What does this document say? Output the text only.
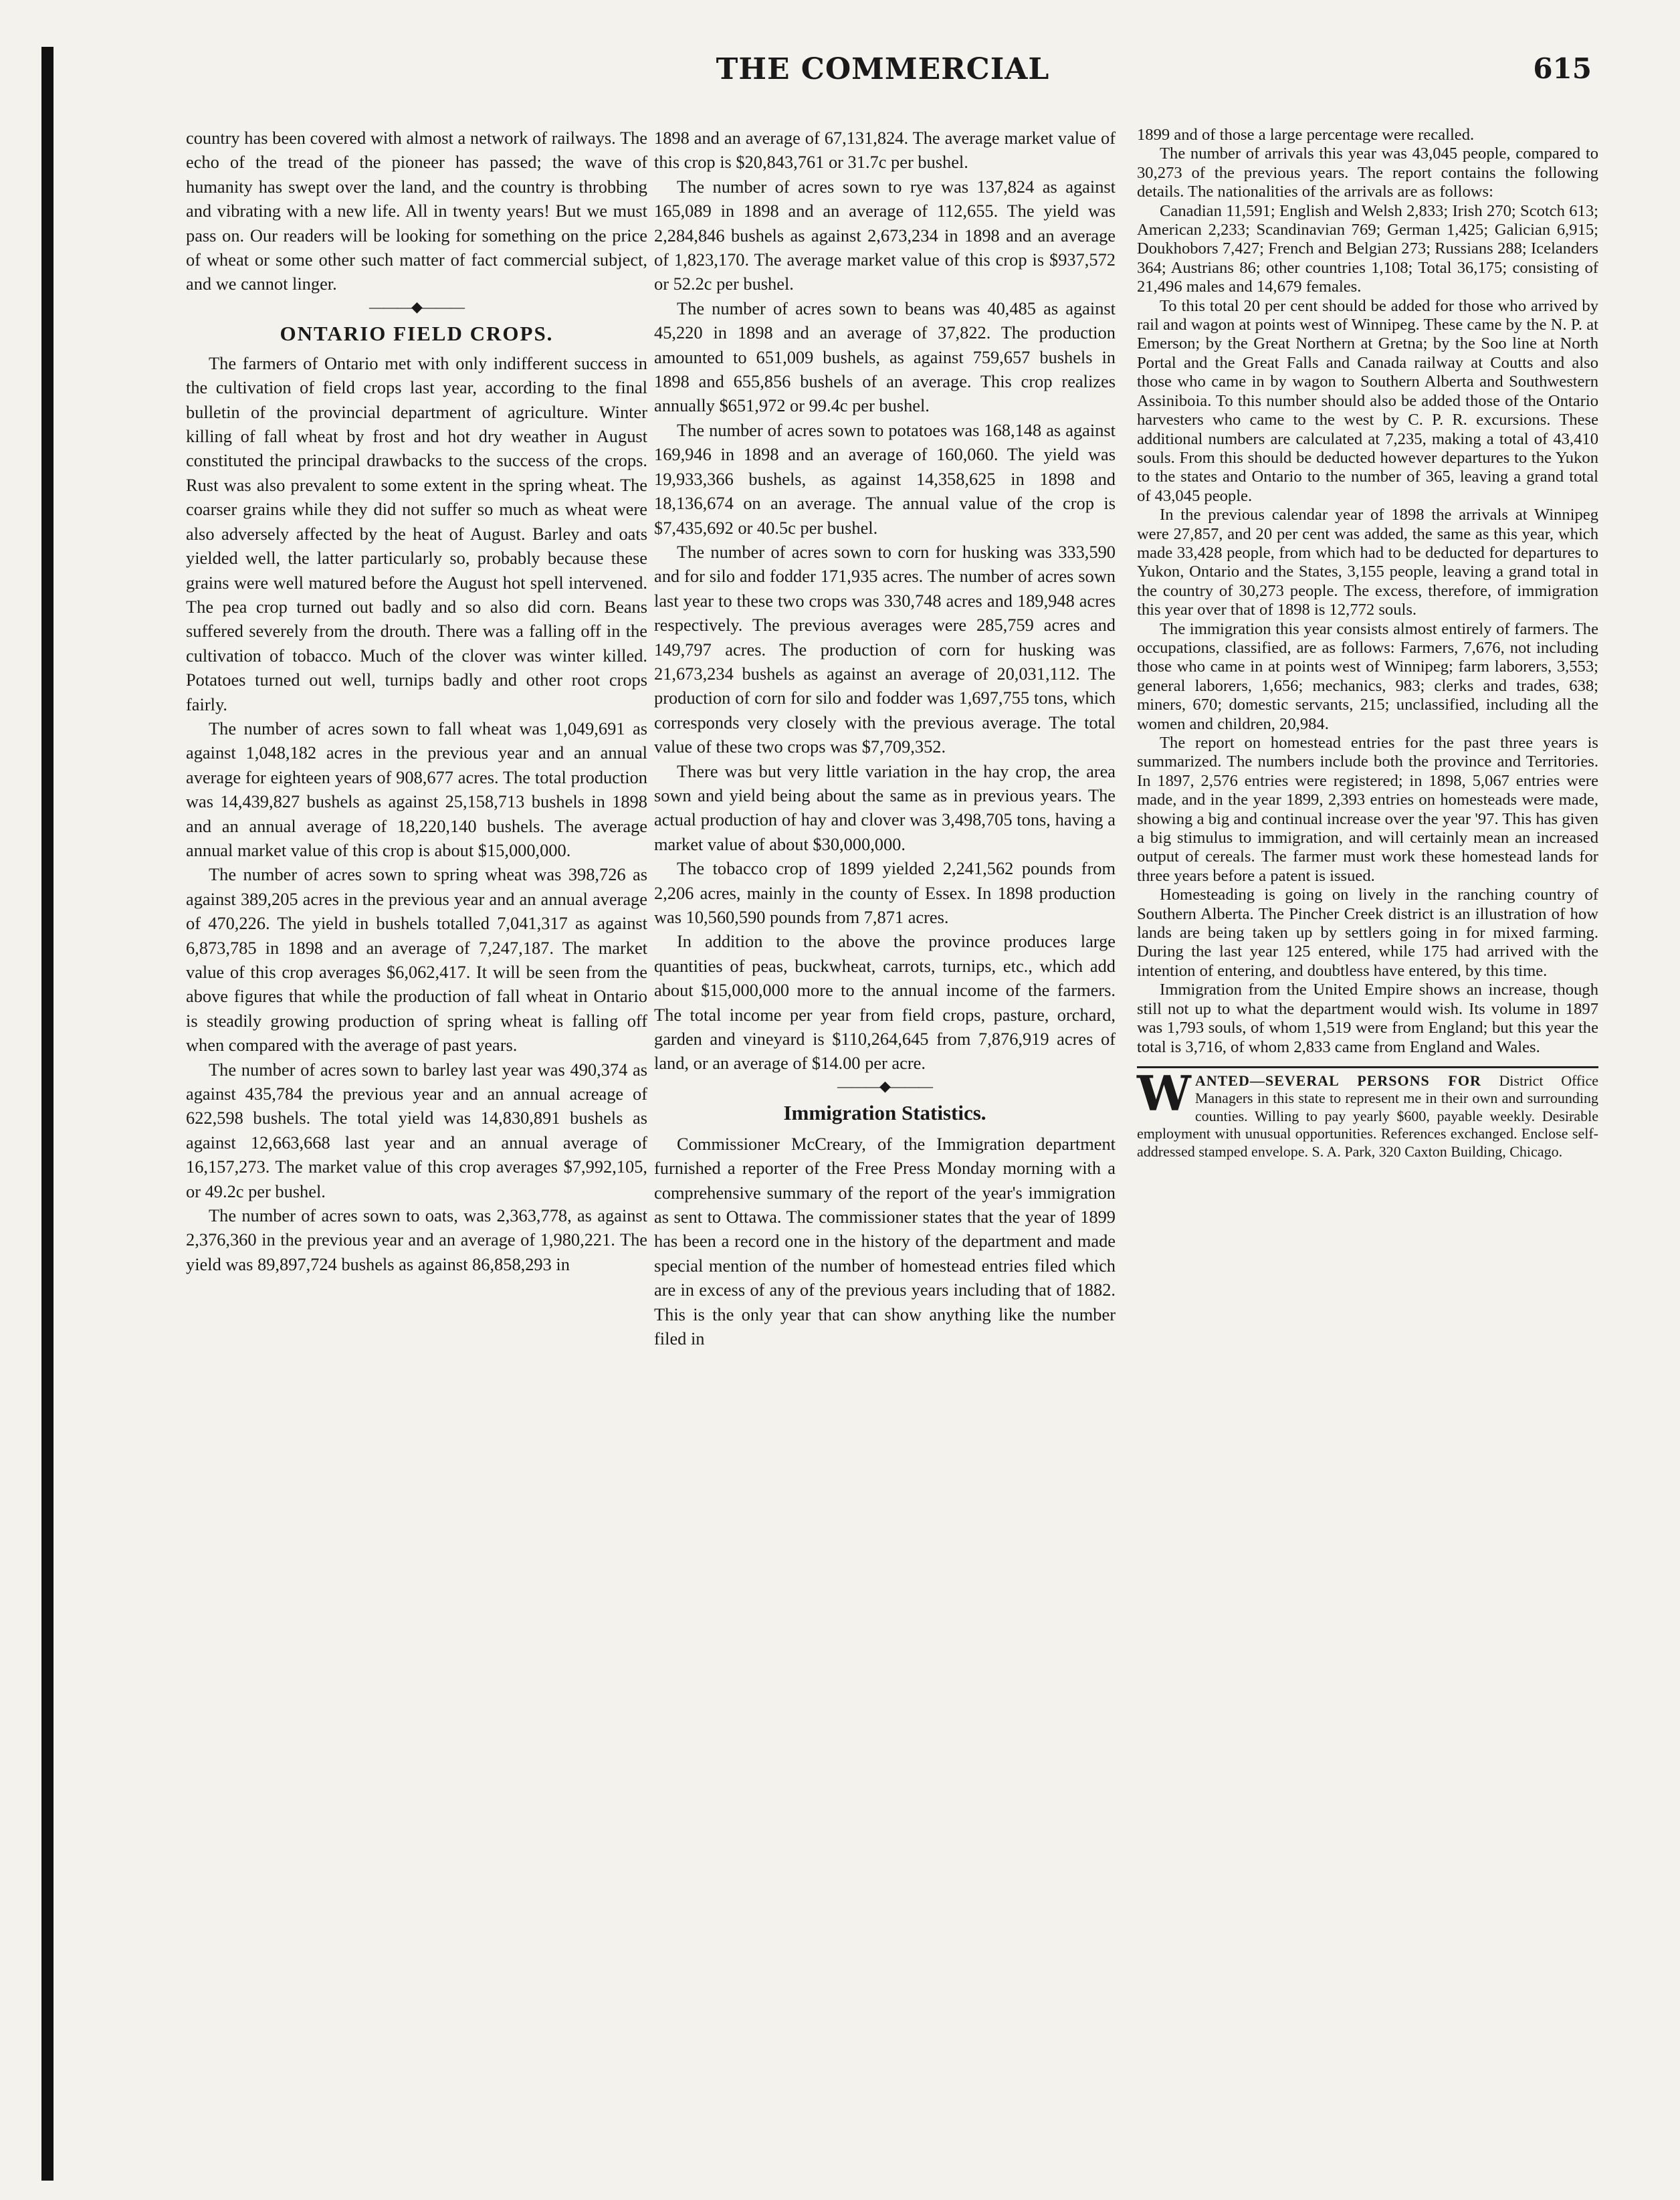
THE COMMERCIAL	615

country has been covered with almost a network of railways. The echo of the tread of the pioneer has passed; the wave of humanity has swept over the land, and the country is throbbing and vibrating with a new life. All in twenty years! But we must pass on. Our readers will be looking for something on the price of wheat or some other such matter of fact commercial subject, and we cannot linger.

———◆———
ONTARIO FIELD CROPS.

The farmers of Ontario met with only indifferent success in the cultivation of field crops last year, according to the final bulletin of the provincial department of agriculture. Winter killing of fall wheat by frost and hot dry weather in August constituted the principal drawbacks to the success of the crops. Rust was also prevalent to some extent in the spring wheat. The coarser grains while they did not suffer so much as wheat were also adversely affected by the heat of August. Barley and oats yielded well, the latter particularly so, probably because these grains were well matured before the August hot spell intervened. The pea crop turned out badly and so also did corn. Beans suffered severely from the drouth. There was a falling off in the cultivation of tobacco. Much of the clover was winter killed. Potatoes turned out well, turnips badly and other root crops fairly.

The number of acres sown to fall wheat was 1,049,691 as against 1,048,182 acres in the previous year and an annual average for eighteen years of 908,677 acres. The total production was 14,439,827 bushels as against 25,158,713 bushels in 1898 and an annual average of 18,220,140 bushels. The average annual market value of this crop is about $15,000,000.

The number of acres sown to spring wheat was 398,726 as against 389,205 acres in the previous year and an annual average of 470,226. The yield in bushels totalled 7,041,317 as against 6,873,785 in 1898 and an average of 7,247,187. The market value of this crop averages $6,062,417. It will be seen from the above figures that while the production of fall wheat in Ontario is steadily growing production of spring wheat is falling off when compared with the average of past years.

The number of acres sown to barley last year was 490,374 as against 435,784 the previous year and an annual acreage of 622,598 bushels. The total yield was 14,830,891 bushels as against 12,663,668 last year and an annual average of 16,157,273. The market value of this crop averages $7,992,105, or 49.2c per bushel.

The number of acres sown to oats, was 2,363,778, as against 2,376,360 in the previous year and an average of 1,980,221. The yield was 89,897,724 bushels as against 86,858,293 in

1898 and an average of 67,131,824. The average market value of this crop is $20,843,761 or 31.7c per bushel.

The number of acres sown to rye was 137,824 as against 165,089 in 1898 and an average of 112,655. The yield was 2,284,846 bushels as against 2,673,234 in 1898 and an average of 1,823,170. The average market value of this crop is $937,572 or 52.2c per bushel.

The number of acres sown to beans was 40,485 as against 45,220 in 1898 and an average of 37,822. The production amounted to 651,009 bushels, as against 759,657 bushels in 1898 and 655,856 bushels of an average. This crop realizes annually $651,972 or 99.4c per bushel.

The number of acres sown to potatoes was 168,148 as against 169,946 in 1898 and an average of 160,060. The yield was 19,933,366 bushels, as against 14,358,625 in 1898 and 18,136,674 on an average. The annual value of the crop is $7,435,692 or 40.5c per bushel.

The number of acres sown to corn for husking was 333,590 and for silo and fodder 171,935 acres. The number of acres sown last year to these two crops was 330,748 acres and 189,948 acres respectively. The previous averages were 285,759 acres and 149,797 acres. The production of corn for husking was 21,673,234 bushels as against an average of 20,031,112. The production of corn for silo and fodder was 1,697,755 tons, which corresponds very closely with the previous average. The total value of these two crops was $7,709,352.

There was but very little variation in the hay crop, the area sown and yield being about the same as in previous years. The actual production of hay and clover was 3,498,705 tons, having a market value of about $30,000,000.

The tobacco crop of 1899 yielded 2,241,562 pounds from 2,206 acres, mainly in the county of Essex. In 1898 production was 10,560,590 pounds from 7,871 acres.

In addition to the above the province produces large quantities of peas, buckwheat, carrots, turnips, etc., which add about $15,000,000 more to the annual income of the farmers. The total income per year from field crops, pasture, orchard, garden and vineyard is $110,264,645 from 7,876,919 acres of land, or an average of $14.00 per acre.

———◆———
Immigration Statistics.

Commissioner McCreary, of the Immigration department furnished a reporter of the Free Press Monday morning with a comprehensive summary of the report of the year's immigration as sent to Ottawa. The commissioner states that the year of 1899 has been a record one in the history of the department and made special mention of the number of homestead entries filed which are in excess of any of the previous years including that of 1882. This is the only year that can show anything like the number filed in

1899 and of those a large percentage were recalled.

The number of arrivals this year was 43,045 people, compared to 30,273 of the previous years. The report contains the following details. The nationalities of the arrivals are as follows:

Canadian 11,591; English and Welsh 2,833; Irish 270; Scotch 613; American 2,233; Scandinavian 769; German 1,425; Galician 6,915; Doukhobors 7,427; French and Belgian 273; Russians 288; Icelanders 364; Austrians 86; other countries 1,108; Total 36,175; consisting of 21,496 males and 14,679 females.

To this total 20 per cent should be added for those who arrived by rail and wagon at points west of Winnipeg. These came by the N. P. at Emerson; by the Great Northern at Gretna; by the Soo line at North Portal and the Great Falls and Canada railway at Coutts and also those who came in by wagon to Southern Alberta and Southwestern Assiniboia. To this number should also be added those of the Ontario harvesters who came to the west by C. P. R. excursions. These additional numbers are calculated at 7,235, making a total of 43,410 souls. From this should be deducted however departures to the Yukon to the states and Ontario to the number of 365, leaving a grand total of 43,045 people.

In the previous calendar year of 1898 the arrivals at Winnipeg were 27,857, and 20 per cent was added, the same as this year, which made 33,428 people, from which had to be deducted for departures to Yukon, Ontario and the States, 3,155 people, leaving a grand total in the country of 30,273 people. The excess, therefore, of immigration this year over that of 1898 is 12,772 souls.

The immigration this year consists almost entirely of farmers. The occupations, classified, are as follows: Farmers, 7,676, not including those who came in at points west of Winnipeg; farm laborers, 3,553; general laborers, 1,656; mechanics, 983; clerks and trades, 638; miners, 670; domestic servants, 215; unclassified, including all the women and children, 20,984.

The report on homestead entries for the past three years is summarized. The numbers include both the province and Territories. In 1897, 2,576 entries were registered; in 1898, 5,067 entries were made, and in the year 1899, 2,393 entries on homesteads were made, showing a big and continual increase over the year '97. This has given a big stimulus to immigration, and will certainly mean an increased output of cereals. The farmer must work these homestead lands for three years before a patent is issued.

Homesteading is going on lively in the ranching country of Southern Alberta. The Pincher Creek district is an illustration of how lands are being taken up by settlers going in for mixed farming. During the last year 125 entered, while 175 had arrived with the intention of entering, and doubtless have entered, by this time.

Immigration from the United Empire shows an increase, though still not up to what the department would wish. Its volume in 1897 was 1,793 souls, of whom 1,519 were from England; but this year the total is 3,716, of whom 2,833 came from England and Wales.

W ANTED—SEVERAL PERSONS FOR District Office Managers in this state to represent me in their own and surrounding counties. Willing to pay yearly $600, payable weekly. Desirable employment with unusual opportunities. References exchanged. Enclose self-addressed stamped envelope. S. A. Park, 320 Caxton Building, Chicago.
